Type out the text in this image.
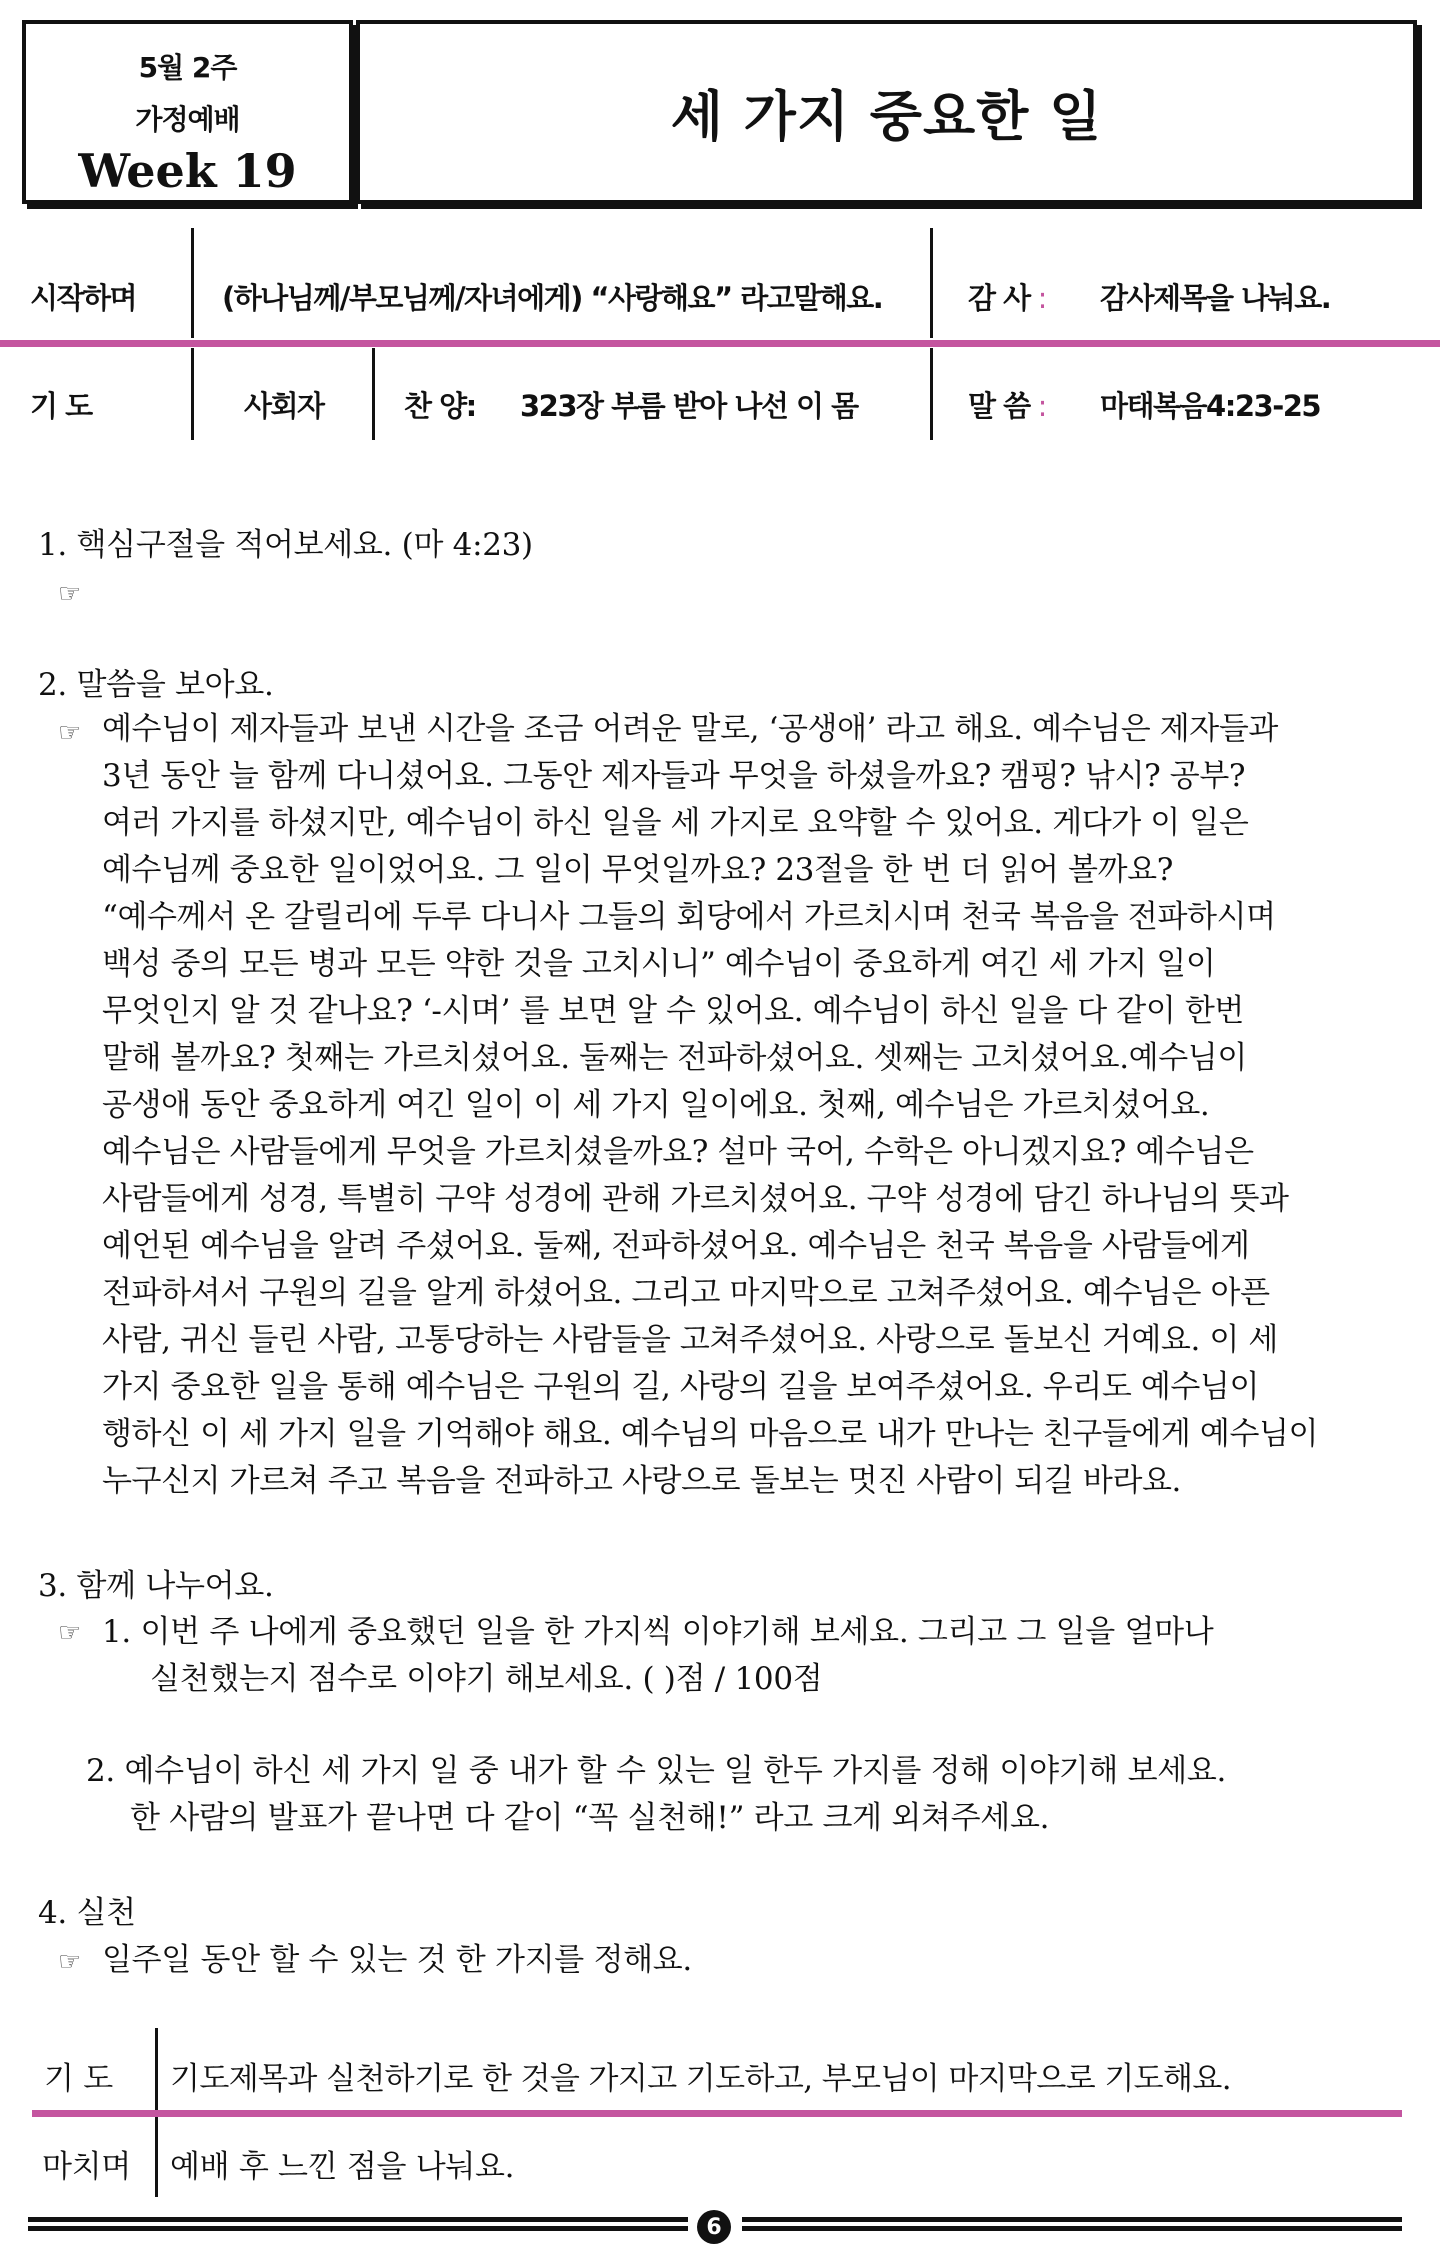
5월 2주
가정예배
Week 19
세 가지 중요한 일
시작하며	(하나님께/부모님께/자녀에게) “사랑해요” 라고말해요.	감 사 : 감사제목을 나눠요.
기 도	사회자	찬 양: 323장 부름 받아 나선 이 몸	말 씀 : 마태복음4:23-25
1. 핵심구절을 적어보세요. (마 4:23)
☞
2. 말씀을 보아요.
☞ 예수님이 제자들과 보낸 시간을 조금 어려운 말로, ‘공생애’ 라고 해요. 예수님은 제자들과
3년 동안 늘 함께 다니셨어요. 그동안 제자들과 무엇을 하셨을까요? 캠핑? 낚시? 공부?
여러 가지를 하셨지만, 예수님이 하신 일을 세 가지로 요약할 수 있어요. 게다가 이 일은
예수님께 중요한 일이었어요. 그 일이 무엇일까요? 23절을 한 번 더 읽어 볼까요?
“예수께서 온 갈릴리에 두루 다니사 그들의 회당에서 가르치시며 천국 복음을 전파하시며
백성 중의 모든 병과 모든 약한 것을 고치시니” 예수님이 중요하게 여긴 세 가지 일이
무엇인지 알 것 같나요? ‘-시며’ 를 보면 알 수 있어요. 예수님이 하신 일을 다 같이 한번
말해 볼까요? 첫째는 가르치셨어요. 둘째는 전파하셨어요. 셋째는 고치셨어요.예수님이
공생애 동안 중요하게 여긴 일이 이 세 가지 일이에요. 첫째, 예수님은 가르치셨어요.
예수님은 사람들에게 무엇을 가르치셨을까요? 설마 국어, 수학은 아니겠지요? 예수님은
사람들에게 성경, 특별히 구약 성경에 관해 가르치셨어요. 구약 성경에 담긴 하나님의 뜻과
예언된 예수님을 알려 주셨어요. 둘째, 전파하셨어요. 예수님은 천국 복음을 사람들에게
전파하셔서 구원의 길을 알게 하셨어요. 그리고 마지막으로 고쳐주셨어요. 예수님은 아픈
사람, 귀신 들린 사람, 고통당하는 사람들을 고쳐주셨어요. 사랑으로 돌보신 거예요. 이 세
가지 중요한 일을 통해 예수님은 구원의 길, 사랑의 길을 보여주셨어요. 우리도 예수님이
행하신 이 세 가지 일을 기억해야 해요. 예수님의 마음으로 내가 만나는 친구들에게 예수님이
누구신지 가르쳐 주고 복음을 전파하고 사랑으로 돌보는 멋진 사람이 되길 바라요.
3. 함께 나누어요.
☞ 1. 이번 주 나에게 중요했던 일을 한 가지씩 이야기해 보세요. 그리고 그 일을 얼마나
실천했는지 점수로 이야기 해보세요. ( )점 / 100점
2. 예수님이 하신 세 가지 일 중 내가 할 수 있는 일 한두 가지를 정해 이야기해 보세요.
한 사람의 발표가 끝나면 다 같이 “꼭 실천해!” 라고 크게 외쳐주세요.
4. 실천
☞ 일주일 동안 할 수 있는 것 한 가지를 정해요.
기 도 기도제목과 실천하기로 한 것을 가지고 기도하고, 부모님이 마지막으로 기도해요.
마치며 예배 후 느낀 점을 나눠요.
6
